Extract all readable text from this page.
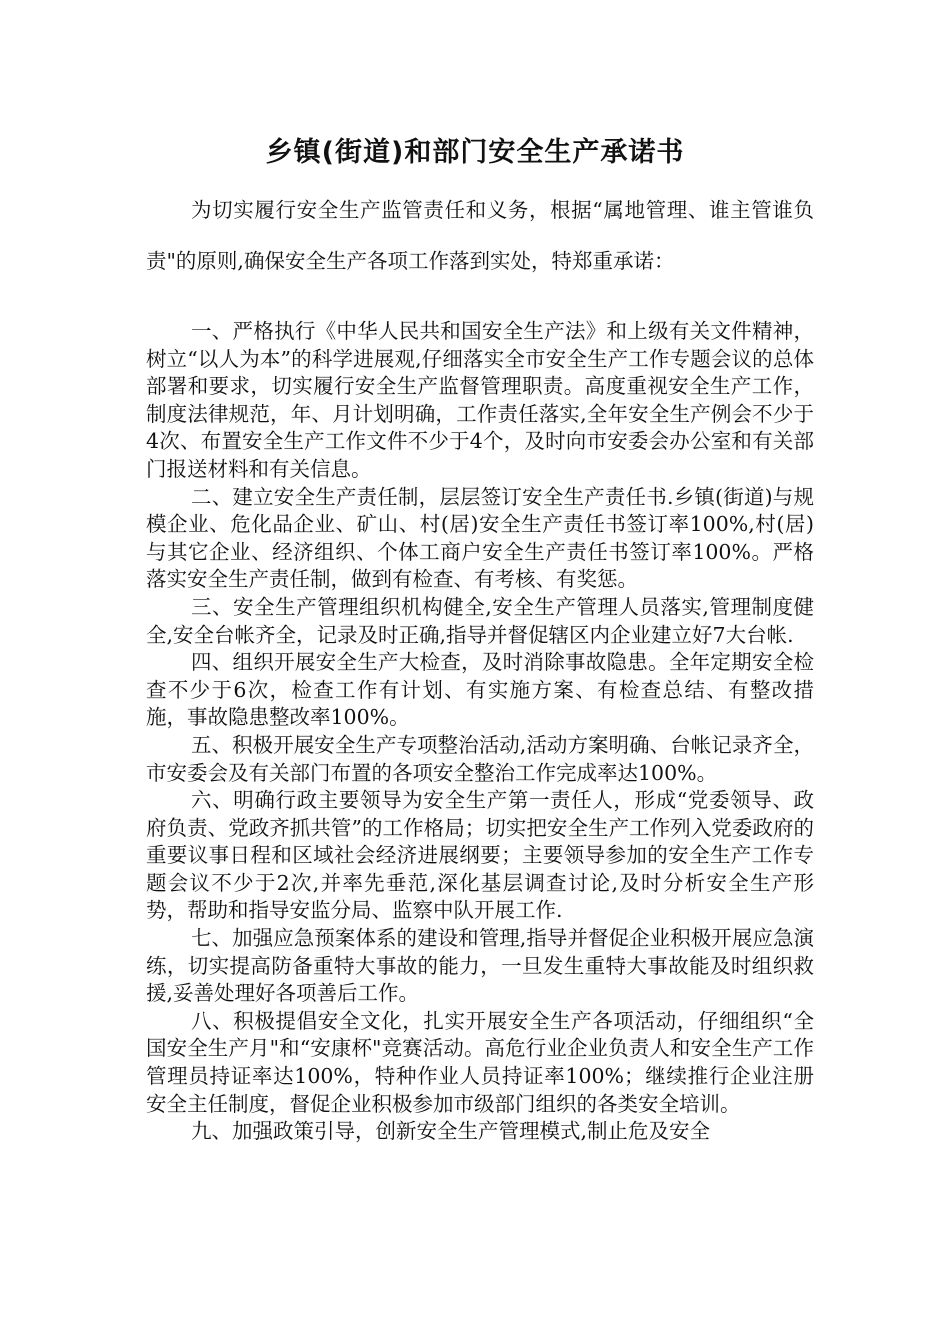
乡镇(街道)和部门安全生产承诺书

为切实履行安全生产监管责任和义务，根据“属地管理、谁主管谁负责"的原则,确保安全生产各项工作落到实处，特郑重承诺：

一、严格执行《中华人民共和国安全生产法》和上级有关文件精神，树立“以人为本”的科学进展观,仔细落实全市安全生产工作专题会议的总体部署和要求，切实履行安全生产监督管理职责。高度重视安全生产工作，制度法律规范，年、月计划明确，工作责任落实,全年安全生产例会不少于4次、布置安全生产工作文件不少于4个，及时向市安委会办公室和有关部门报送材料和有关信息。

二、建立安全生产责任制，层层签订安全生产责任书.乡镇(街道)与规模企业、危化品企业、矿山、村(居)安全生产责任书签订率100%,村(居)与其它企业、经济组织、个体工商户安全生产责任书签订率100%。严格落实安全生产责任制，做到有检查、有考核、有奖惩。

三、安全生产管理组织机构健全,安全生产管理人员落实,管理制度健全,安全台帐齐全，记录及时正确,指导并督促辖区内企业建立好7大台帐.

四、组织开展安全生产大检查，及时消除事故隐患。全年定期安全检查不少于6次，检查工作有计划、有实施方案、有检查总结、有整改措施，事故隐患整改率100%。

五、积极开展安全生产专项整治活动,活动方案明确、台帐记录齐全，市安委会及有关部门布置的各项安全整治工作完成率达100%。

六、明确行政主要领导为安全生产第一责任人，形成“党委领导、政府负责、党政齐抓共管”的工作格局；切实把安全生产工作列入党委政府的重要议事日程和区域社会经济进展纲要；主要领导参加的安全生产工作专题会议不少于2次,并率先垂范,深化基层调查讨论,及时分析安全生产形势，帮助和指导安监分局、监察中队开展工作.

七、加强应急预案体系的建设和管理,指导并督促企业积极开展应急演练，切实提高防备重特大事故的能力，一旦发生重特大事故能及时组织救援,妥善处理好各项善后工作。

八、积极提倡安全文化，扎实开展安全生产各项活动，仔细组织“全国安全生产月"和“安康杯"竞赛活动。高危行业企业负责人和安全生产工作管理员持证率达100%，特种作业人员持证率100%；继续推行企业注册安全主任制度，督促企业积极参加市级部门组织的各类安全培训。

九、加强政策引导，创新安全生产管理模式,制止危及安全
